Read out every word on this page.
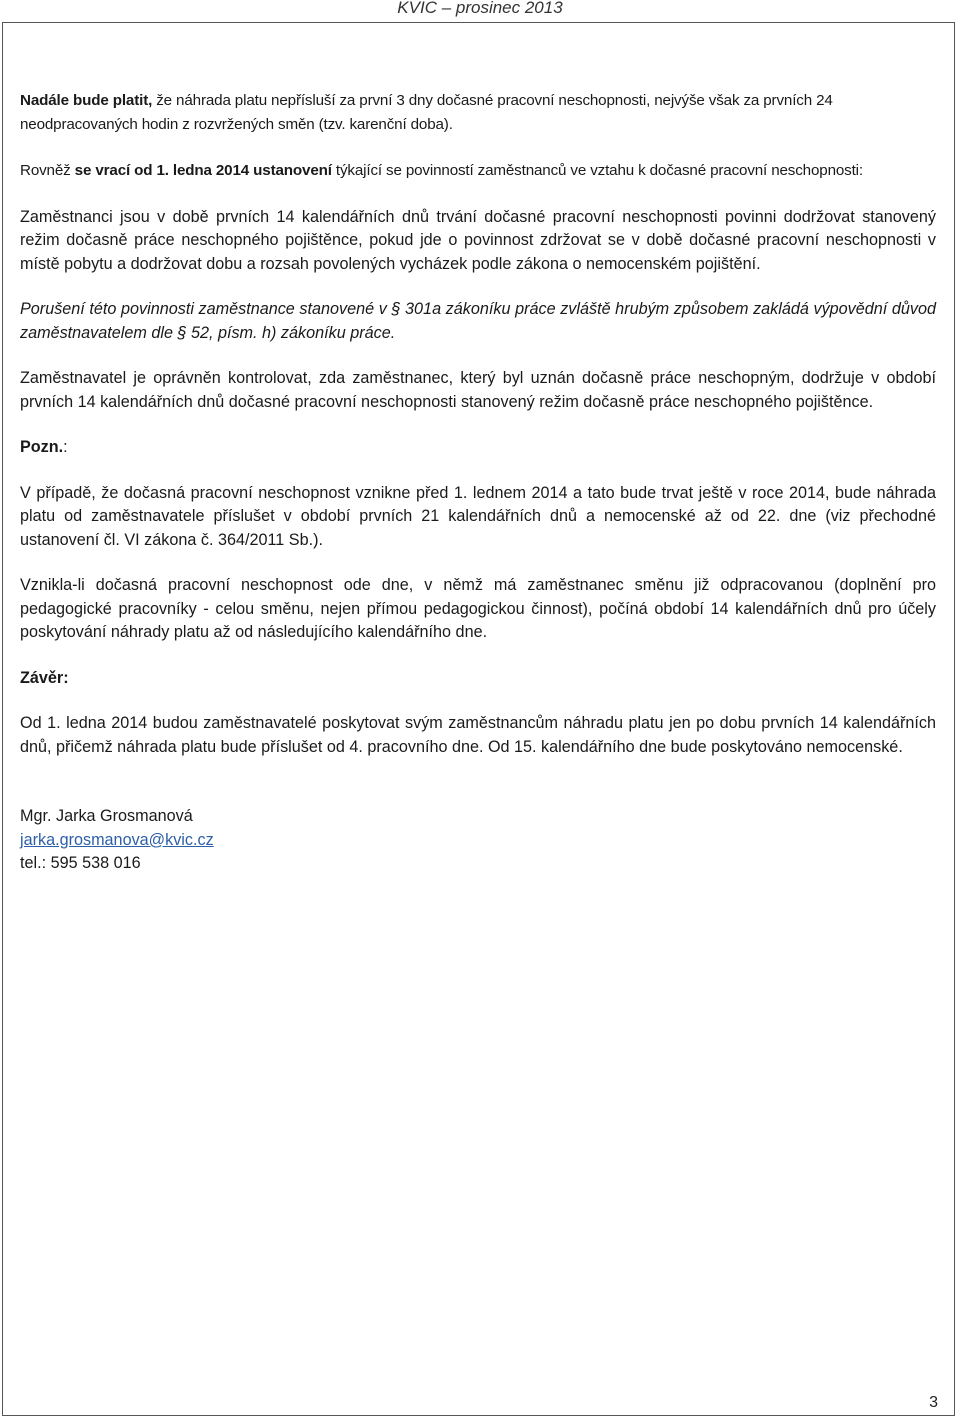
KVIC – prosinec 2013

Nadále bude platit, že náhrada platu nepřísluší za první 3 dny dočasné pracovní neschopnosti, nejvýše však za prvních 24 neodpracovaných hodin z rozvržených směn (tzv. karenční doba).

Rovněž se vrací od 1. ledna 2014 ustanovení týkající se povinností zaměstnanců ve vztahu k dočasné pracovní neschopnosti:

Zaměstnanci jsou v době prvních 14 kalendářních dnů trvání dočasné pracovní neschopnosti povinni dodržovat stanovený režim dočasně práce neschopného pojištěnce, pokud jde o povinnost zdržovat se v době dočasné pracovní neschopnosti v místě pobytu a dodržovat dobu a rozsah povolených vycházek podle zákona o nemocenském pojištění.

Porušení této povinnosti zaměstnance stanovené v § 301a zákoníku práce zvláště hrubým způsobem zakládá výpovědní důvod zaměstnavatelem dle § 52, písm. h) zákoníku práce.

Zaměstnavatel je oprávněn kontrolovat, zda zaměstnanec, který byl uznán dočasně práce neschopným, dodržuje v období prvních 14 kalendářních dnů dočasné pracovní neschopnosti stanovený režim dočasně práce neschopného pojištěnce.

Pozn.:

V případě, že dočasná pracovní neschopnost vznikne před 1. lednem 2014 a tato bude trvat ještě v roce 2014, bude náhrada platu od zaměstnavatele příslušet v období prvních 21 kalendářních dnů a nemocenské až od 22. dne (viz přechodné ustanovení čl. VI zákona č. 364/2011 Sb.).

Vznikla-li dočasná pracovní neschopnost ode dne, v němž má zaměstnanec směnu již odpracovanou (doplnění pro pedagogické pracovníky - celou směnu, nejen přímou pedagogickou činnost), počíná období 14 kalendářních dnů pro účely poskytování náhrady platu až od následujícího kalendářního dne.

Závěr:

Od 1. ledna 2014 budou zaměstnavatelé poskytovat svým zaměstnancům náhradu platu jen po dobu prvních 14 kalendářních dnů, přičemž náhrada platu bude příslušet od 4. pracovního dne. Od 15. kalendářního dne bude poskytováno nemocenské.

Mgr. Jarka Grosmanová

jarka.grosmanova@kvic.cz

tel.: 595 538 016

3
